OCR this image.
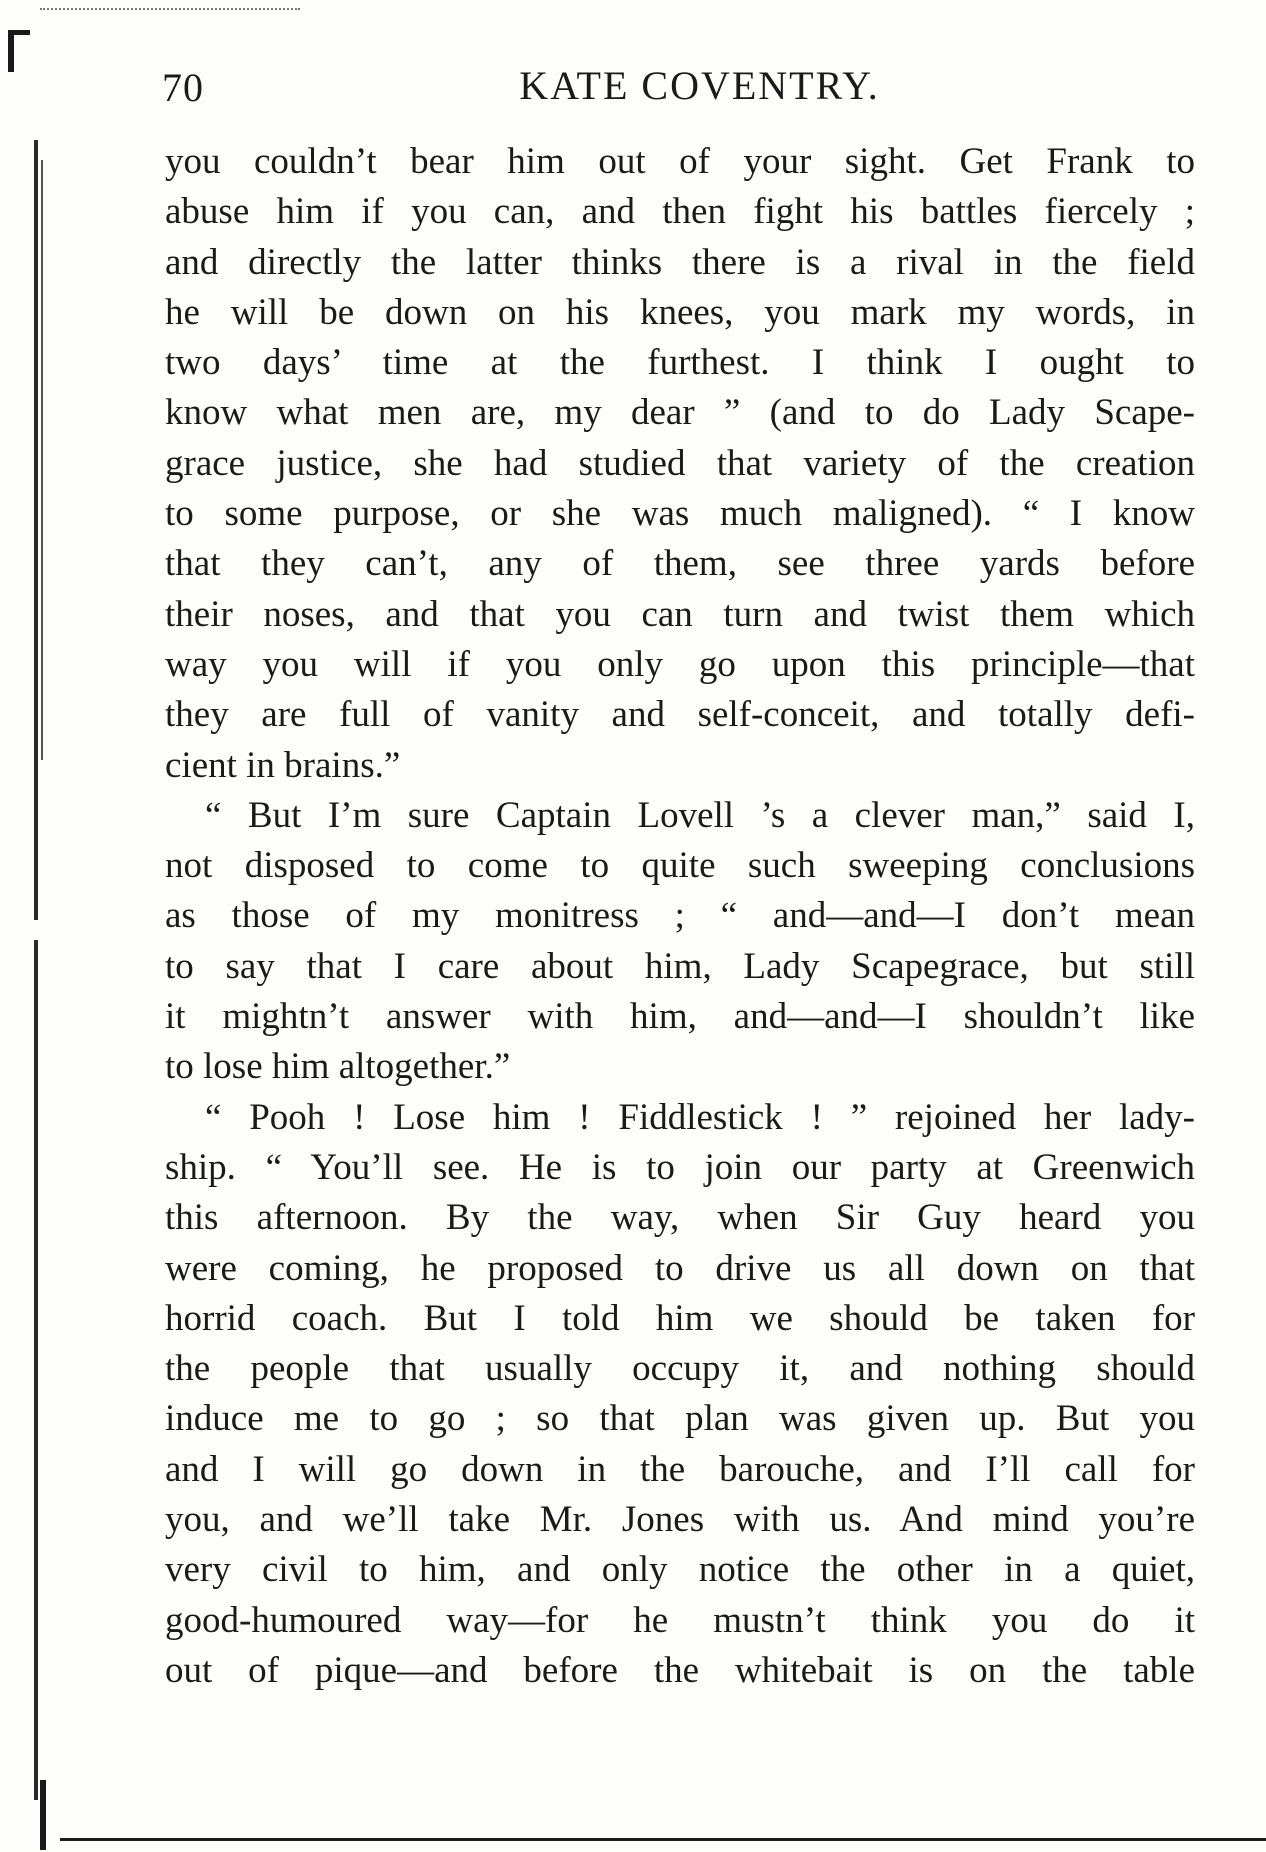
70	KATE COVENTRY.
you couldn’t bear him out of your sight. Get Frank to
abuse him if you can, and then fight his battles fiercely ;
and directly the latter thinks there is a rival in the field
he will be down on his knees, you mark my words, in
two days’ time at the furthest. I think I ought to
know what men are, my dear ” (and to do Lady Scape-
grace justice, she had studied that variety of the creation
to some purpose, or she was much maligned). “ I know
that they can’t, any of them, see three yards before
their noses, and that you can turn and twist them which
way you will if you only go upon this principle—that
they are full of vanity and self-conceit, and totally defi-
cient in brains.”
“ But I’m sure Captain Lovell ’s a clever man,” said I,
not disposed to come to quite such sweeping conclusions
as those of my monitress ; “ and—and—I don’t mean
to say that I care about him, Lady Scapegrace, but still
it mightn’t answer with him, and—and—I shouldn’t like
to lose him altogether.”
“ Pooh ! Lose him ! Fiddlestick ! ” rejoined her lady-
ship. “ You’ll see. He is to join our party at Greenwich
this afternoon. By the way, when Sir Guy heard you
were coming, he proposed to drive us all down on that
horrid coach. But I told him we should be taken for
the people that usually occupy it, and nothing should
induce me to go ; so that plan was given up. But you
and I will go down in the barouche, and I’ll call for
you, and we’ll take Mr. Jones with us. And mind you’re
very civil to him, and only notice the other in a quiet,
good-humoured way—for he mustn’t think you do it
out of pique—and before the whitebait is on the table
